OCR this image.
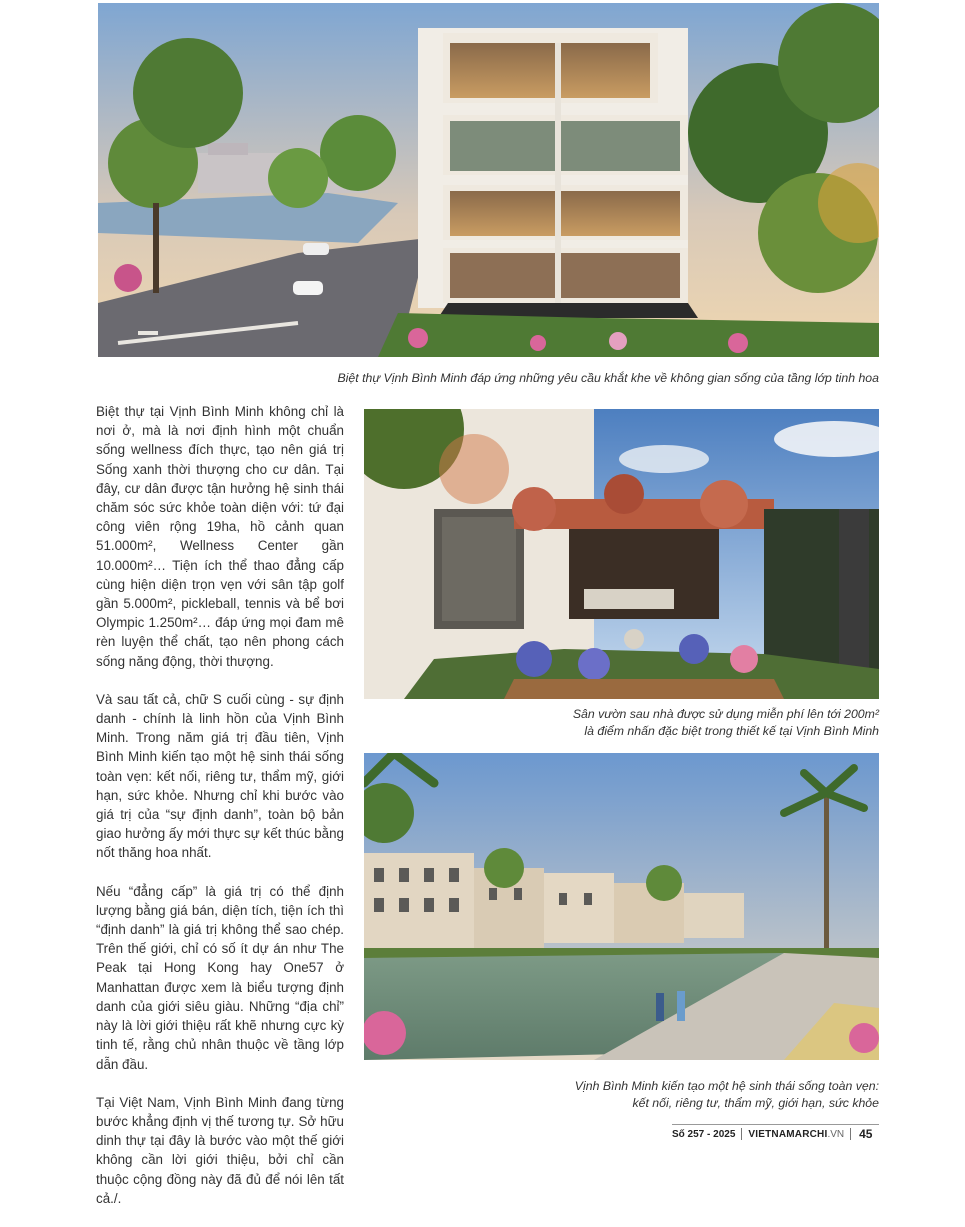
Biệt thự Vịnh Bình Minh đáp ứng những yêu cầu khắt khe về không gian sống của tầng lớp tinh hoa

Biệt thự tại Vịnh Bình Minh không chỉ là nơi ở, mà là nơi định hình một chuẩn sống wellness đích thực, tạo nên giá trị Sống xanh thời thượng cho cư dân. Tại đây, cư dân được tận hưởng hệ sinh thái chăm sóc sức khỏe toàn diện với: tứ đại công viên rộng 19ha, hồ cảnh quan 51.000m², Wellness Center gần 10.000m²… Tiện ích thể thao đẳng cấp cùng hiện diện trọn vẹn với sân tập golf gần 5.000m², pickleball, tennis và bể bơi Olympic 1.250m²… đáp ứng mọi đam mê rèn luyện thể chất, tạo nên phong cách sống năng động, thời thượng.

Và sau tất cả, chữ S cuối cùng - sự định danh - chính là linh hồn của Vịnh Bình Minh. Trong năm giá trị đầu tiên, Vịnh Bình Minh kiến tạo một hệ sinh thái sống toàn vẹn: kết nối, riêng tư, thẩm mỹ, giới hạn, sức khỏe. Nhưng chỉ khi bước vào giá trị của “sự định danh”, toàn bộ bản giao hưởng ấy mới thực sự kết thúc bằng nốt thăng hoa nhất.

Nếu “đẳng cấp” là giá trị có thể định lượng bằng giá bán, diện tích, tiện ích thì “định danh” là giá trị không thể sao chép. Trên thế giới, chỉ có số ít dự án như The Peak tại Hong Kong hay One57 ở Manhattan được xem là biểu tượng định danh của giới siêu giàu. Những “địa chỉ” này là lời giới thiệu rất khẽ nhưng cực kỳ tinh tế, rằng chủ nhân thuộc về tầng lớp dẫn đầu.

Tại Việt Nam, Vịnh Bình Minh đang từng bước khẳng định vị thế tương tự. Sở hữu dinh thự tại đây là bước vào một thế giới không cần lời giới thiệu, bởi chỉ cần thuộc cộng đồng này đã đủ để nói lên tất cả./.

Sân vườn sau nhà được sử dụng miễn phí lên tới 200m²
là điểm nhấn đặc biệt trong thiết kế tại Vịnh Bình Minh
Vịnh Bình Minh kiến tạo một hệ sinh thái sống toàn vẹn:
kết nối, riêng tư, thẩm mỹ, giới hạn, sức khỏe
Số 257 - 2025 VIETNAMARCHI .VN 45
